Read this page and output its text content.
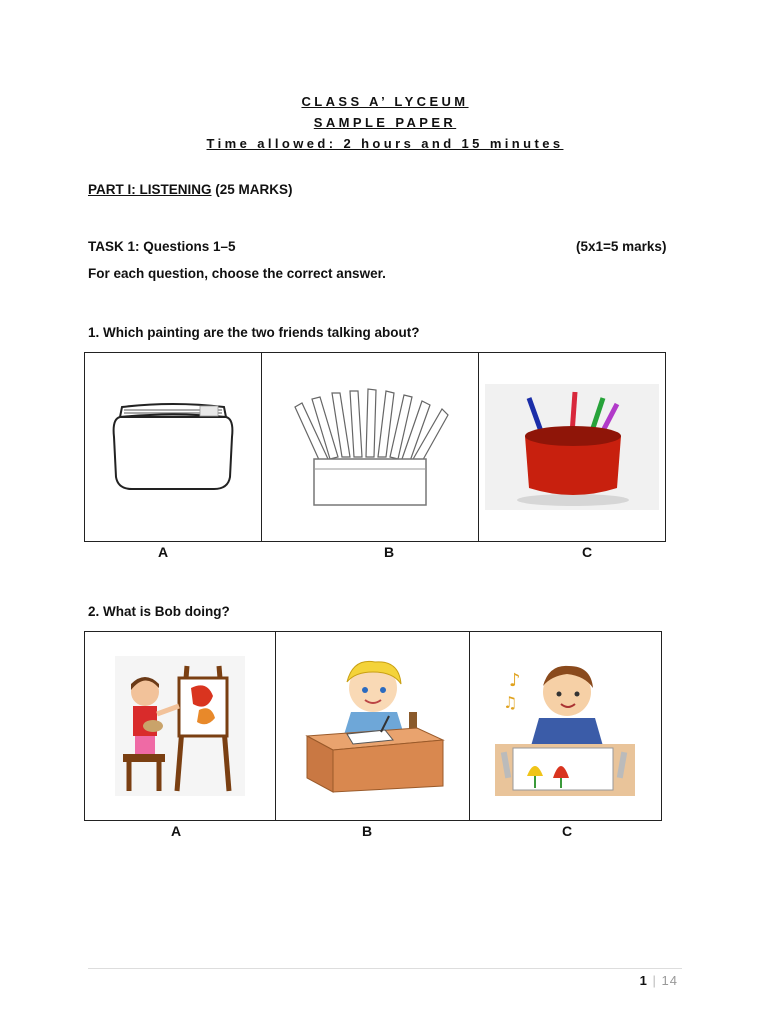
CLASS A’ LYCEUM
SAMPLE PAPER
Time allowed: 2 hours and 15 minutes
PART I: LISTENING (25 MARKS)
TASK 1: Questions 1–5	(5x1=5 marks)
For each question, choose the correct answer.
1. Which painting are the two friends talking about?

A	B	C
2. What is Bob doing?

♪
♫
A	B	C
1 | 14
